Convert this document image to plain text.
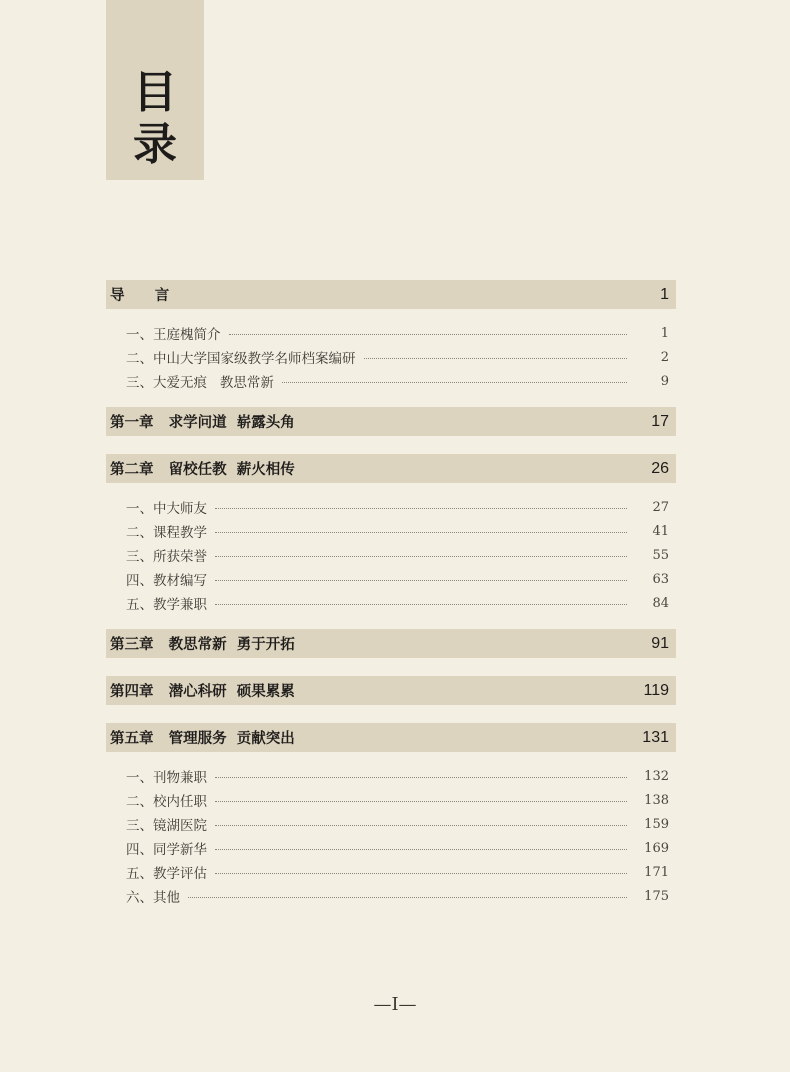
目
录
导      言	1
一、王庭槐简介	1
二、中山大学国家级教学名师档案编研	2
三、大爱无痕   教思常新	9
第一章   求学问道  崭露头角	17
第二章   留校任教  薪火相传	26
一、中大师友	27
二、课程教学	41
三、所获荣誉	55
四、教材编写	63
五、教学兼职	84
第三章   教思常新  勇于开拓	91
第四章   潜心科研  硕果累累	119
第五章   管理服务  贡献突出	131
一、刊物兼职	132
二、校内任职	138
三、镜湖医院	159
四、同学新华	169
五、教学评估	171
六、其他	175
—I—
